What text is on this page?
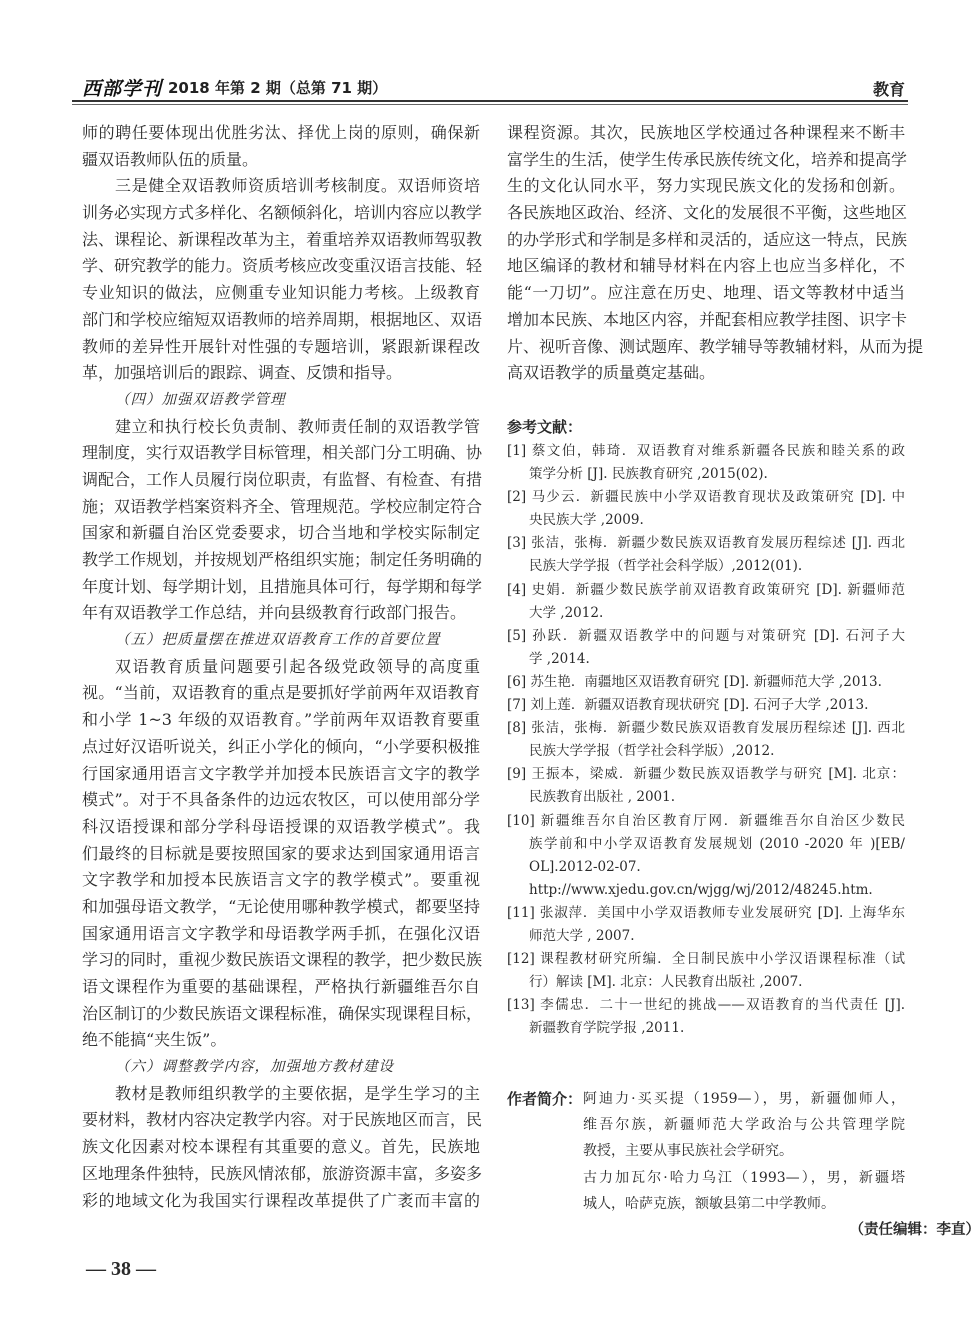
西部学刊 2018 年第 2 期（总第 71 期）	教育
师的聘任要体现出优胜劣汰、择优上岗的原则，确保新
疆双语教师队伍的质量。
三是健全双语教师资质培训考核制度。双语师资培
训务必实现方式多样化、名额倾斜化，培训内容应以教学
法、课程论、新课程改革为主，着重培养双语教师驾驭教
学、研究教学的能力。资质考核应改变重汉语言技能、轻
专业知识的做法，应侧重专业知识能力考核。上级教育
部门和学校应缩短双语教师的培养周期，根据地区、双语
教师的差异性开展针对性强的专题培训，紧跟新课程改
革，加强培训后的跟踪、调查、反馈和指导。
（四）加强双语教学管理
建立和执行校长负责制、教师责任制的双语教学管
理制度，实行双语教学目标管理，相关部门分工明确、协
调配合，工作人员履行岗位职责，有监督、有检查、有措
施；双语教学档案资料齐全、管理规范。学校应制定符合
国家和新疆自治区党委要求，切合当地和学校实际制定
教学工作规划，并按规划严格组织实施；制定任务明确的
年度计划、每学期计划，且措施具体可行，每学期和每学
年有双语教学工作总结，并向县级教育行政部门报告。
（五）把质量摆在推进双语教育工作的首要位置
双语教育质量问题要引起各级党政领导的高度重
视。“当前，双语教育的重点是要抓好学前两年双语教育
和小学 1~3 年级的双语教育。”学前两年双语教育要重
点过好汉语听说关，纠正小学化的倾向，“小学要积极推
行国家通用语言文字教学并加授本民族语言文字的教学
模式”。对于不具备条件的边远农牧区，可以使用部分学
科汉语授课和部分学科母语授课的双语教学模式”。我
们最终的目标就是要按照国家的要求达到国家通用语言
文字教学和加授本民族语言文字的教学模式”。要重视
和加强母语文教学，“无论使用哪种教学模式，都要坚持
国家通用语言文字教学和母语教学两手抓，在强化汉语
学习的同时，重视少数民族语文课程的教学，把少数民族
语文课程作为重要的基础课程，严格执行新疆维吾尔自
治区制订的少数民族语文课程标准，确保实现课程目标，
绝不能搞“夹生饭”。
（六）调整教学内容，加强地方教材建设
教材是教师组织教学的主要依据，是学生学习的主
要材料，教材内容决定教学内容。对于民族地区而言，民
族文化因素对校本课程有其重要的意义。首先，民族地
区地理条件独特，民族风情浓郁，旅游资源丰富，多姿多
彩的地域文化为我国实行课程改革提供了广袤而丰富的
课程资源。其次，民族地区学校通过各种课程来不断丰
富学生的生活，使学生传承民族传统文化，培养和提高学
生的文化认同水平，努力实现民族文化的发扬和创新。
各民族地区政治、经济、文化的发展很不平衡，这些地区
的办学形式和学制是多样和灵活的，适应这一特点，民族
地区编译的教材和辅导材料在内容上也应当多样化，不
能“一刀切”。应注意在历史、地理、语文等教材中适当
增加本民族、本地区内容，并配套相应教学挂图、识字卡
片、视听音像、测试题库、教学辅导等教辅材料，从而为提
高双语教学的质量奠定基础。
参考文献：
[1] 蔡文伯，韩琦．双语教育对维系新疆各民族和睦关系的政
策学分析 [J]. 民族教育研究 ,2015(02).
[2] 马少云．新疆民族中小学双语教育现状及政策研究 [D]. 中
央民族大学 ,2009.
[3] 张洁，张梅．新疆少数民族双语教育发展历程综述 [J]. 西北
民族大学学报（哲学社会科学版）,2012(01).
[4] 史娟．新疆少数民族学前双语教育政策研究 [D]. 新疆师范
大学 ,2012.
[5] 孙跃．新疆双语教学中的问题与对策研究 [D]. 石河子大
学 ,2014.
[6] 苏生艳．南疆地区双语教育研究 [D]. 新疆师范大学 ,2013.
[7] 刘上莲．新疆双语教育现状研究 [D]. 石河子大学 ,2013.
[8] 张洁，张梅．新疆少数民族双语教育发展历程综述 [J]. 西北
民族大学学报（哲学社会科学版）,2012.
[9] 王振本，梁威．新疆少数民族双语教学与研究 [M]. 北京：
民族教育出版社 , 2001.
[10] 新疆维吾尔自治区教育厅网．新疆维吾尔自治区少数民
族学前和中小学双语教育发展规划 (2010 -2020 年 )[EB/
OL].2012-02-07.
http://www.xjedu.gov.cn/wjgg/wj/2012/48245.htm.
[11] 张淑萍．美国中小学双语教师专业发展研究 [D]. 上海华东
师范大学 , 2007.
[12] 课程教材研究所编．全日制民族中小学汉语课程标准（试
行）解读 [M]. 北京：人民教育出版社 ,2007.
[13] 李儒忠．二十一世纪的挑战——双语教育的当代责任 [J].
新疆教育学院学报 ,2011.
作者简介： 阿迪力·买买提（1959—），男，新疆伽师人，
维吾尔族，新疆师范大学政治与公共管理学院
教授，主要从事民族社会学研究。
古力加瓦尔·哈力乌江（1993—），男，新疆塔
城人，哈萨克族，额敏县第二中学教师。
（责任编辑：李直）
— 38 —
